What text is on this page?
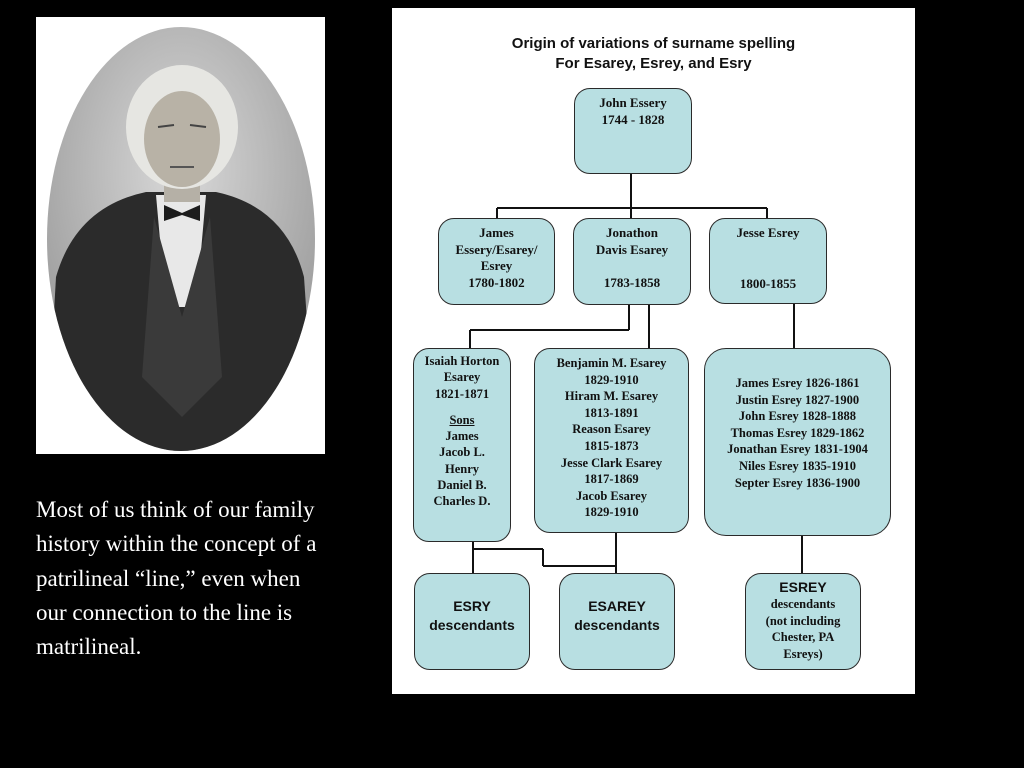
Most of us think of our family history within the concept of a patrilineal “line,” even when our connection to the line is matrilineal.
Origin of variations of surname spelling
For Esarey, Esrey, and Esry
John Essery
1744 - 1828
James
Essery/Esarey/
Esrey
1780-1802
Jonathon
Davis Esarey
1783-1858
Jesse Esrey
1800-1855
Isaiah Horton
Esarey
1821-1871
Sons
James
Jacob L.
Henry
Daniel B.
Charles D.
Benjamin M. Esarey
1829-1910
Hiram M. Esarey
1813-1891
Reason Esarey
1815-1873
Jesse Clark Esarey
1817-1869
Jacob Esarey
1829-1910
James Esrey 1826-1861
Justin Esrey 1827-1900
John Esrey 1828-1888
Thomas Esrey 1829-1862
Jonathan Esrey 1831-1904
Niles Esrey 1835-1910
Septer Esrey 1836-1900
ESRY
descendants
ESAREY
descendants
ESREY
descendants
(not including
Chester, PA
Esreys)
